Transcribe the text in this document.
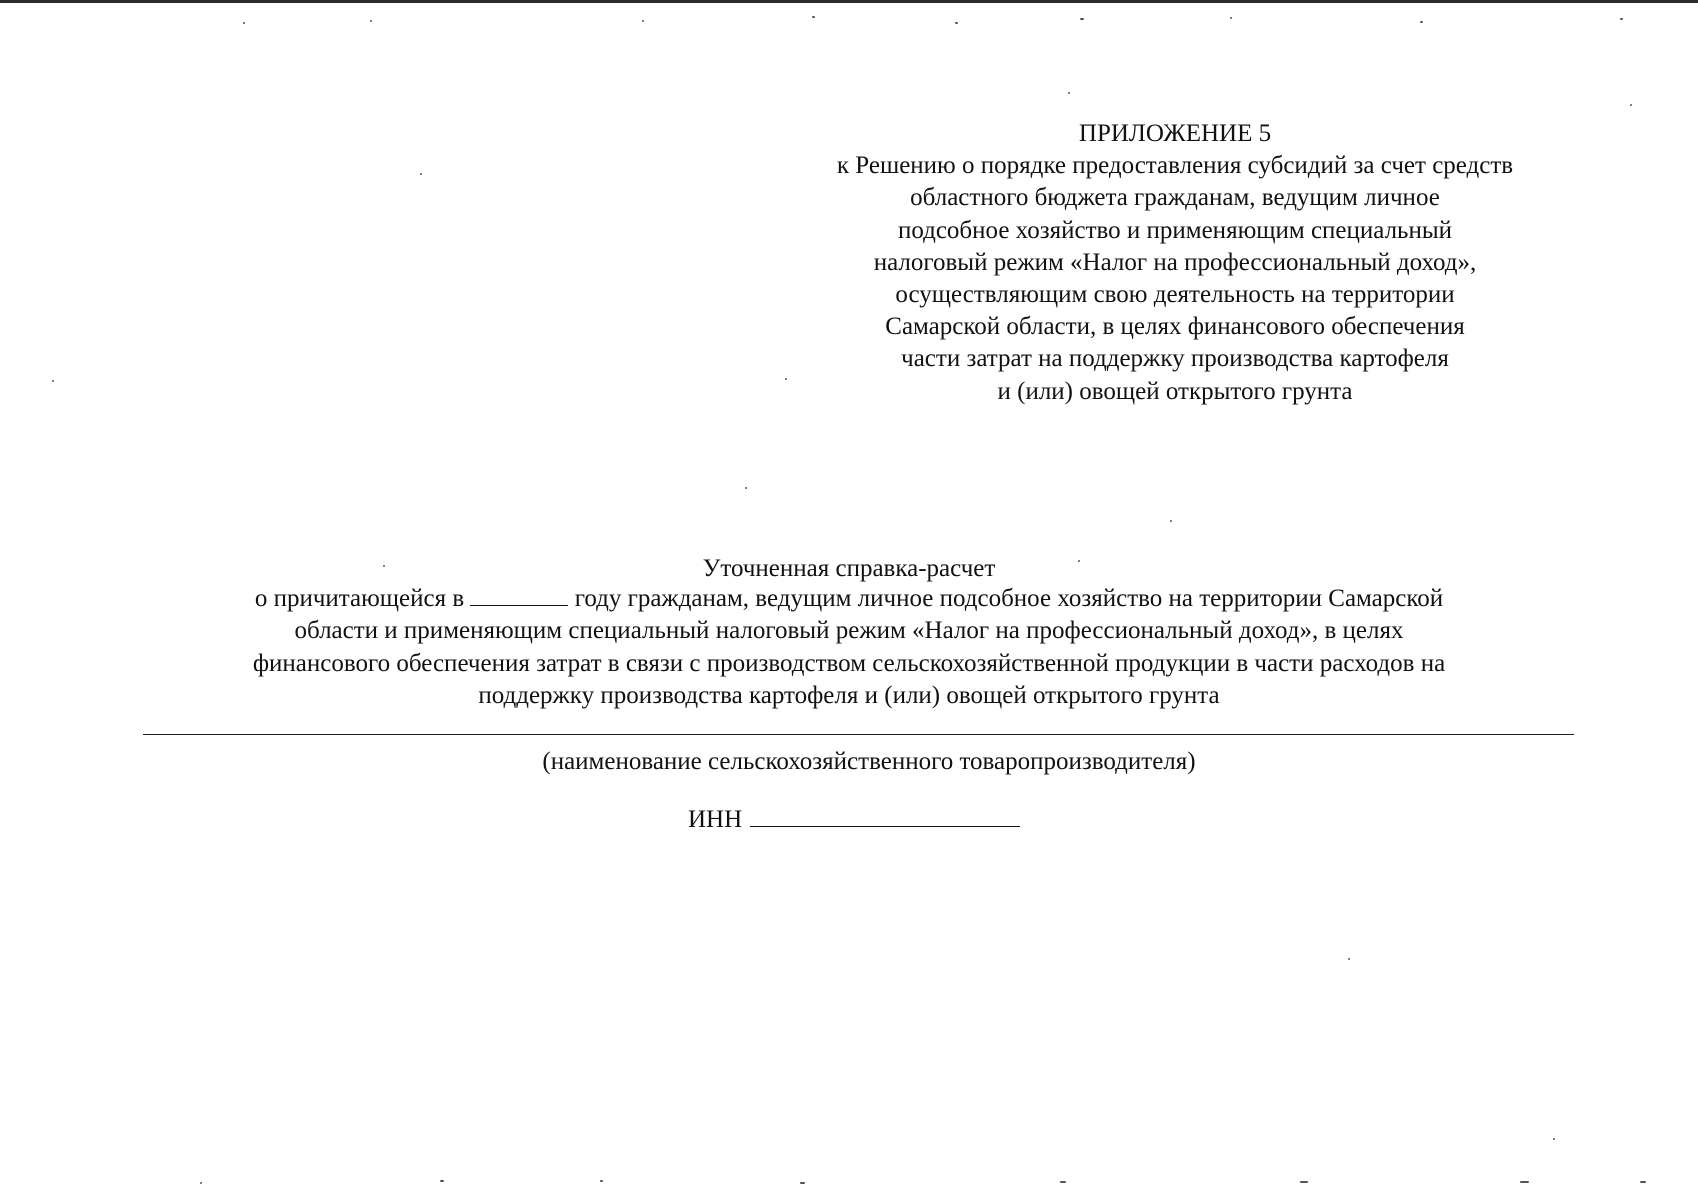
ПРИЛОЖЕНИЕ 5
к Решению о порядке предоставления субсидий за счет средств
областного бюджета гражданам, ведущим личное
подсобное хозяйство и применяющим специальный
налоговый режим «Налог на профессиональный доход»,
осуществляющим свою деятельность на территории
Самарской области, в целях финансового обеспечения
части затрат на поддержку производства картофеля
и (или) овощей открытого грунта
Уточненная справка-расчет
о причитающейся в	году гражданам, ведущим личное подсобное хозяйство на территории Самарской
области и применяющим специальный налоговый режим «Налог на профессиональный доход», в целях
финансового обеспечения затрат в связи с производством сельскохозяйственной продукции в части расходов на
поддержку производства картофеля и (или) овощей открытого грунта
(наименование сельскохозяйственного товаропроизводителя)
ИНН
